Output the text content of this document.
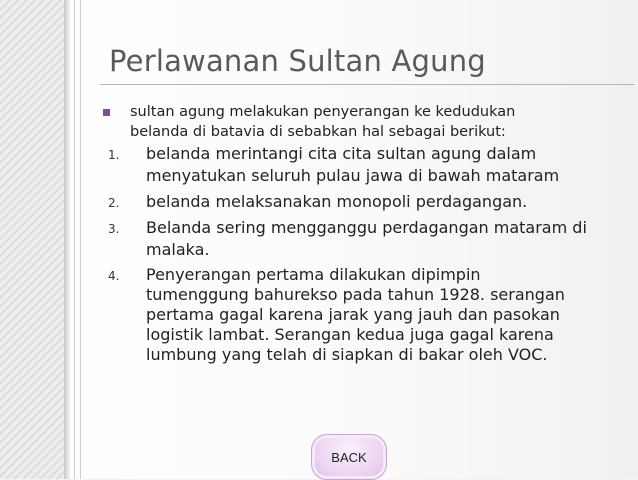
Perlawanan Sultan Agung
sultan agung melakukan penyerangan ke kedudukan
belanda di batavia di sebabkan hal sebagai berikut:
1. belanda merintangi cita cita sultan agung dalam
menyatukan seluruh pulau jawa di bawah mataram
2. belanda melaksanakan monopoli perdagangan.
3. Belanda sering mengganggu perdagangan mataram di
malaka.
4. Penyerangan pertama dilakukan dipimpin
tumenggung bahurekso pada tahun 1928. serangan
pertama gagal karena jarak yang jauh dan pasokan
logistik lambat. Serangan kedua juga gagal karena
lumbung yang telah di siapkan di bakar oleh VOC.
BACK
